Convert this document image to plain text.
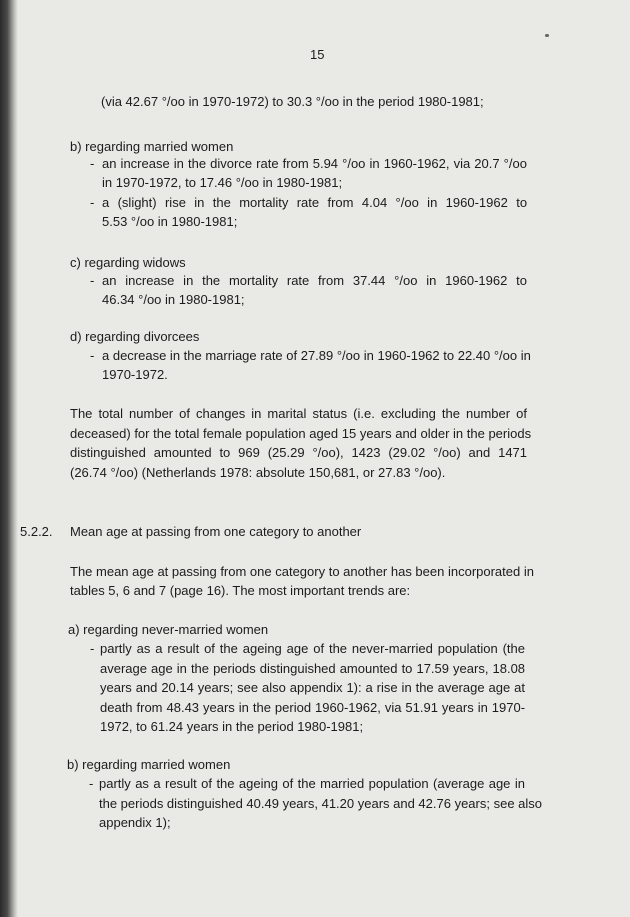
15
(via 42.67 °/oo in 1970-1972) to 30.3 °/oo in the period 1980-1981;
b) regarding married women
- an increase in the divorce rate from 5.94 °/oo in 1960-1962, via 20.7 °/oo
in 1970-1972, to 17.46 °/oo in 1980-1981;
- a (slight) rise in the mortality rate from 4.04 °/oo in 1960-1962 to
5.53 °/oo in 1980-1981;
c) regarding widows
- an increase in the mortality rate from 37.44 °/oo in 1960-1962 to
46.34 °/oo in 1980-1981;
d) regarding divorcees
- a decrease in the marriage rate of 27.89 °/oo in 1960-1962 to 22.40 °/oo in
1970-1972.
The total number of changes in marital status (i.e. excluding the number of
deceased) for the total female population aged 15 years and older in the periods
distinguished amounted to 969 (25.29 °/oo), 1423 (29.02 °/oo) and 1471
(26.74 °/oo) (Netherlands 1978: absolute 150,681, or 27.83 °/oo).
5.2.2. Mean age at passing from one category to another
The mean age at passing from one category to another has been incorporated in
tables 5, 6 and 7 (page 16). The most important trends are:
a) regarding never-married women
- partly as a result of the ageing age of the never-married population (the
average age in the periods distinguished amounted to 17.59 years, 18.08
years and 20.14 years; see also appendix 1): a rise in the average age at
death from 48.43 years in the period 1960-1962, via 51.91 years in 1970-
1972, to 61.24 years in the period 1980-1981;
b) regarding married women
- partly as a result of the ageing of the married population (average age in
the periods distinguished 40.49 years, 41.20 years and 42.76 years; see also
appendix 1);
